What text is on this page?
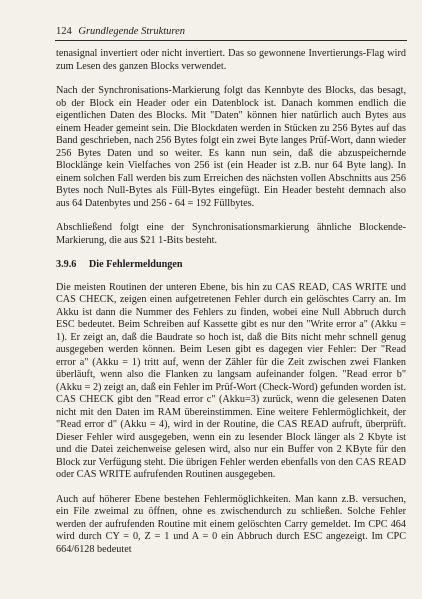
124 Grundlegende Strukturen

tenasignal invertiert oder nicht invertiert. Das so gewonnene Invertierungs-Flag wird zum Lesen des ganzen Blocks verwendet.

Nach der Synchronisations-Markierung folgt das Kennbyte des Blocks, das besagt, ob der Block ein Header oder ein Datenblock ist. Danach kommen endlich die eigentlichen Daten des Blocks. Mit "Daten" können hier natürlich auch Bytes aus einem Header gemeint sein. Die Blockdaten werden in Stücken zu 256 Bytes auf das Band geschrieben, nach 256 Bytes folgt ein zwei Byte langes Prüf-Wort, dann wieder 256 Bytes Daten und so weiter. Es kann nun sein, daß die abzuspeichernde Blocklänge kein Vielfaches von 256 ist (ein Header ist z.B. nur 64 Byte lang). In einem solchen Fall werden bis zum Erreichen des nächsten vollen Abschnitts aus 256 Bytes noch Null-Bytes als Füll-Bytes eingefügt. Ein Header besteht demnach also aus 64 Datenbytes und 256 - 64 = 192 Füllbytes.

Abschließend folgt eine der Synchronisationsmarkierung ähnliche Blockende-Markierung, die aus $21 1-Bits besteht.

3.9.6 Die Fehlermeldungen

Die meisten Routinen der unteren Ebene, bis hin zu CAS READ, CAS WRITE und CAS CHECK, zeigen einen aufgetretenen Fehler durch ein gelöschtes Carry an. Im Akku ist dann die Nummer des Fehlers zu finden, wobei eine Null Abbruch durch ESC bedeutet. Beim Schreiben auf Kassette gibt es nur den "Write error a" (Akku = 1). Er zeigt an, daß die Baudrate so hoch ist, daß die Bits nicht mehr schnell genug ausgegeben werden können. Beim Lesen gibt es dagegen vier Fehler: Der "Read error a" (Akku = 1) tritt auf, wenn der Zähler für die Zeit zwischen zwei Flanken überläuft, wenn also die Flanken zu langsam aufeinander folgen. "Read error b" (Akku = 2) zeigt an, daß ein Fehler im Prüf-Wort (Check-Word) gefunden worden ist. CAS CHECK gibt den "Read error c" (Akku=3) zurück, wenn die gelesenen Daten nicht mit den Daten im RAM übereinstimmen. Eine weitere Fehlermöglichkeit, der "Read error d" (Akku = 4), wird in der Routine, die CAS READ aufruft, überprüft. Dieser Fehler wird ausgegeben, wenn ein zu lesender Block länger als 2 Kbyte ist und die Datei zeichenweise gelesen wird, also nur ein Buffer von 2 KByte für den Block zur Verfügung steht. Die übrigen Fehler werden ebenfalls von den CAS READ oder CAS WRITE aufrufenden Routinen ausgegeben.

Auch auf höherer Ebene bestehen Fehlermöglichkeiten. Man kann z.B. versuchen, ein File zweimal zu öffnen, ohne es zwischendurch zu schließen. Solche Fehler werden der aufrufenden Routine mit einem gelöschten Carry gemeldet. Im CPC 464 wird durch CY = 0, Z = 1 und A = 0 ein Abbruch durch ESC angezeigt. Im CPC 664/6128 bedeutet
